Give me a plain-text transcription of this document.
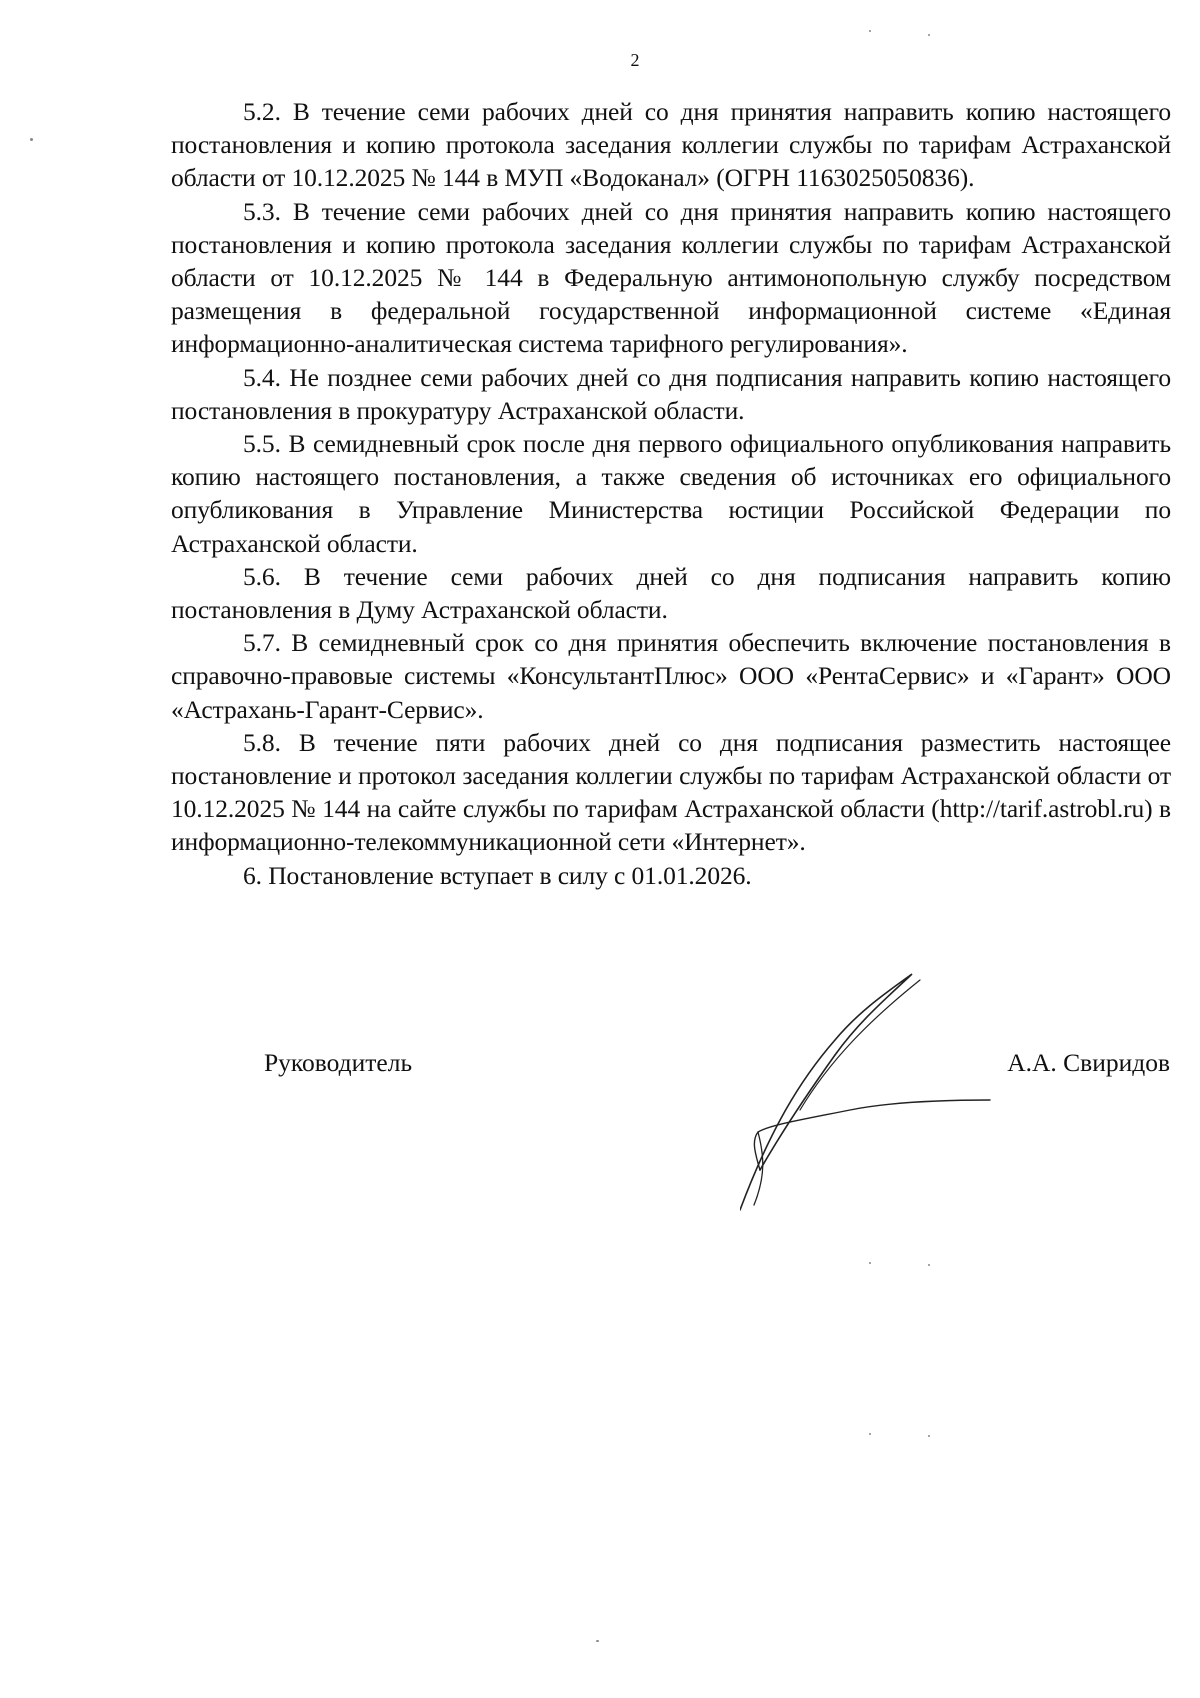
2

5.2. В течение семи рабочих дней со дня принятия направить копию настоящего постановления и копию протокола заседания коллегии службы по тарифам Астраханской области от 10.12.2025 № 144 в МУП «Водоканал» (ОГРН 1163025050836).

5.3. В течение семи рабочих дней со дня принятия направить копию настоящего постановления и копию протокола заседания коллегии службы по тарифам Астраханской области от 10.12.2025 № 144 в Федеральную антимонопольную службу посредством размещения в федеральной государственной информационной системе «Единая информационно-аналитическая система тарифного регулирования».

5.4. Не позднее семи рабочих дней со дня подписания направить копию настоящего постановления в прокуратуру Астраханской области.

5.5. В семидневный срок после дня первого официального опубликования направить копию настоящего постановления, а также сведения об источниках его официального опубликования в Управление Министерства юстиции Российской Федерации по Астраханской области.

5.6. В течение семи рабочих дней со дня подписания направить копию постановления в Думу Астраханской области.

5.7. В семидневный срок со дня принятия обеспечить включение постановления в справочно-правовые системы «КонсультантПлюс» ООО «РентаСервис» и «Гарант» ООО «Астрахань-Гарант-Сервис».

5.8. В течение пяти рабочих дней со дня подписания разместить настоящее постановление и протокол заседания коллегии службы по тарифам Астраханской области от 10.12.2025 № 144 на сайте службы по тарифам Астраханской области (http://tarif.astrobl.ru) в информационно-телекоммуникационной сети «Интернет».

6. Постановление вступает в силу с 01.01.2026.

Руководитель	А.А. Свиридов
